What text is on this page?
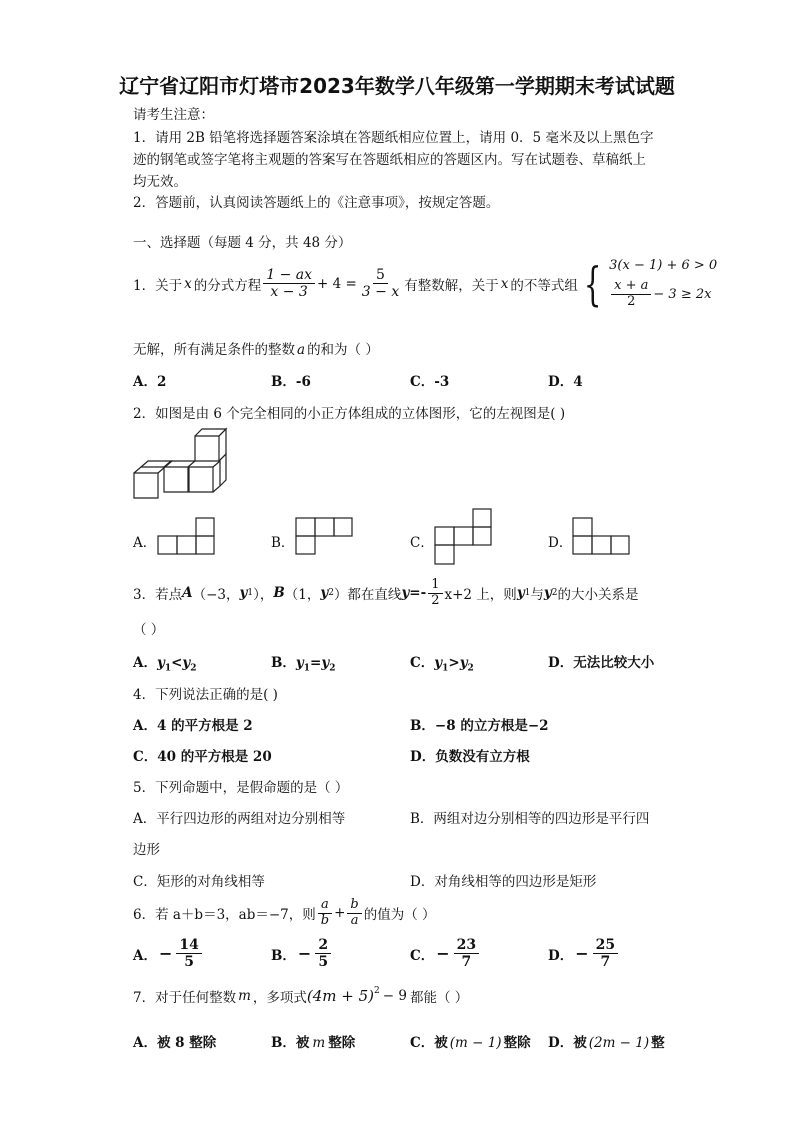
辽宁省辽阳市灯塔市2023年数学八年级第一学期期末考试试题
请考生注意：
1．请用 2B 铅笔将选择题答案涂填在答题纸相应位置上，请用 0．5 毫米及以上黑色字
迹的钢笔或签字笔将主观题的答案写在答题纸相应的答题区内。写在试题卷、草稿纸上
均无效。
2．答题前，认真阅读答题纸上的《注意事项》，按规定答题。
一、选择题（每题 4 分，共 48 分）
1．关于 x 的分式方程 $\frac{1 - ax}{x - 3} + 4 = \frac{5}{3 - x}$ 有整数解，关于 x 的不等式组 { 3(x − 1) + 6 > 0
$\frac{x + a}{2} - 3 \ge 2x$
无解，所有满足条件的整数 a 的和为（ ）
A．2	B．-6	C．-3	D．4
2．如图是由 6 个完全相同的小正方体组成的立体图形，它的左视图是( )
A．	B．	C．	D．
3．若点 A （−3， y 1 ）， B （1， y 2 ）都在直线 $y =- \frac{1}{2} x+2$ 上，则 y 1 与 y 2 的大小关系是
（ ）
A．$y_1<y_2$	B．$y_1=y_2$	C．$y_1>y_2$	D．无法比较大小
4．下列说法正确的是( )
A．4 的平方根是 2	B．−8 的立方根是−2
C．40 的平方根是 20	D．负数没有立方根
5．下列命题中，是假命题的是（ ）
A．平行四边形的两组对边分别相等	B．两组对边分别相等的四边形是平行四
边形
C．矩形的对角线相等	D．对角线相等的四边形是矩形
6．若 a＋b＝3，ab＝−7，则 $\frac{a}{b} + \frac{b}{a}$ 的值为（ ）
A． − $\frac{14}{5}$	B． − $\frac{2}{5}$	C． − $\frac{23}{7}$	D． − $\frac{25}{7}$
7．对于任何整数 m ，多项式 $(4m + 5)^2 - 9$ 都能（ ）
A．被 8 整除	B．被 m 整除	C．被 (m − 1) 整除 D．被 (2m − 1) 整
